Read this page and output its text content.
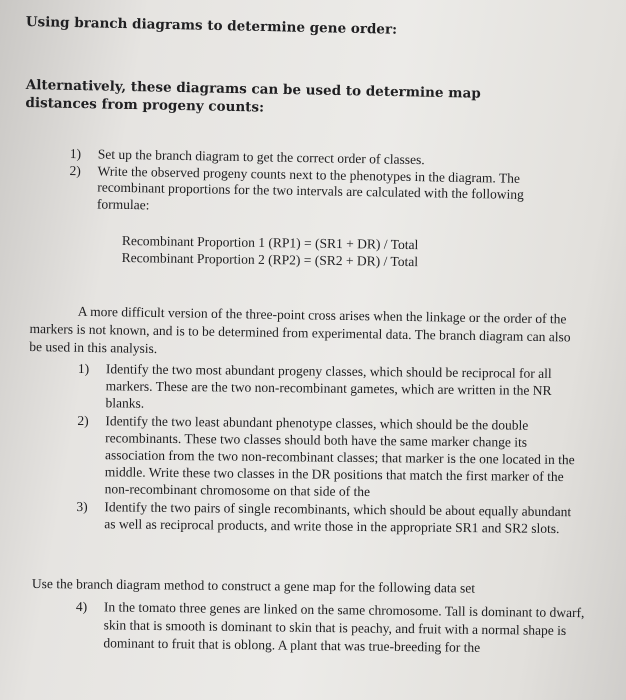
Using branch diagrams to determine gene order:
Alternatively, these diagrams can be used to determine map distances from progeny counts:
1)	Set up the branch diagram to get the correct order of classes.
2)	Write the observed progeny counts next to the phenotypes in the diagram. The recombinant proportions for the two intervals are calculated with the following formulae:
Recombinant Proportion 1 (RP1) = (SR1 + DR) / Total
Recombinant Proportion 2 (RP2) = (SR2 + DR) / Total
A more difficult version of the three-point cross arises when the linkage or the order of the markers is not known, and is to be determined from experimental data. The branch diagram can also be used in this analysis.
1)	Identify the two most abundant progeny classes, which should be reciprocal for all markers. These are the two non-recombinant gametes, which are written in the NR blanks.
2)	Identify the two least abundant phenotype classes, which should be the double recombinants. These two classes should both have the same marker change its association from the two non-recombinant classes; that marker is the one located in the middle. Write these two classes in the DR positions that match the first marker of the non-recombinant chromosome on that side of the
3)	Identify the two pairs of single recombinants, which should be about equally abundant as well as reciprocal products, and write those in the appropriate SR1 and SR2 slots.
Use the branch diagram method to construct a gene map for the following data set
4)	In the tomato three genes are linked on the same chromosome. Tall is dominant to dwarf, skin that is smooth is dominant to skin that is peachy, and fruit with a normal shape is dominant to fruit that is oblong. A plant that was true-breeding for the
